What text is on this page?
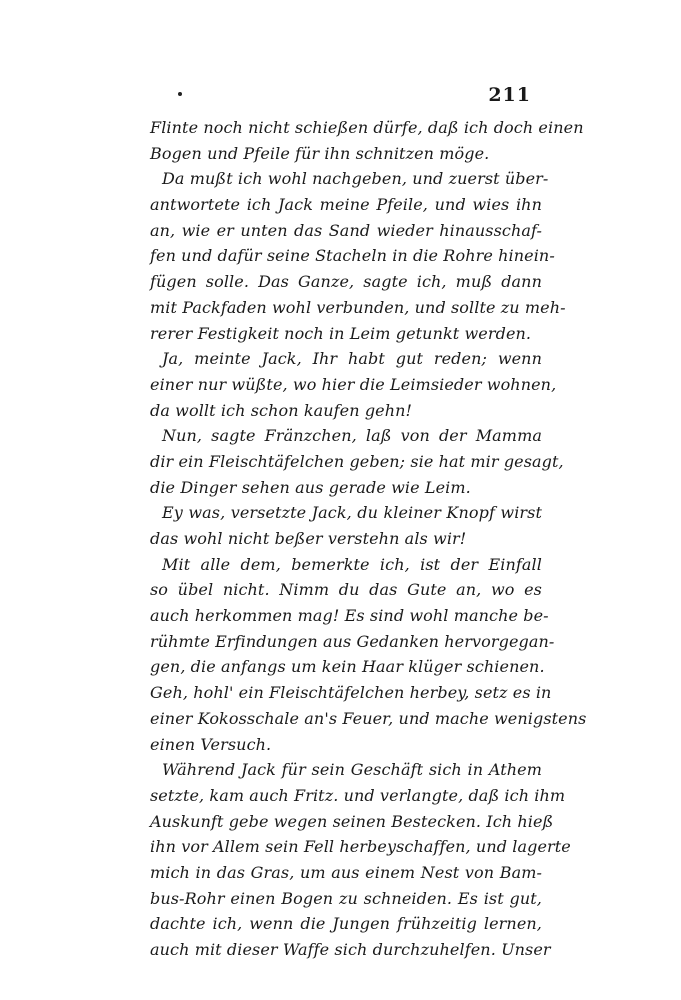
211
Flinte noch nicht schießen dürfe, daß ich doch einen
Bogen und Pfeile für ihn schnitzen möge.
Da mußt ich wohl nachgeben, und zuerst über-
antwortete ich Jack meine Pfeile, und wies ihn
an, wie er unten das Sand wieder hinausschaf-
fen und dafür seine Stacheln in die Rohre hinein-
fügen solle. Das Ganze, sagte ich, muß dann
mit Packfaden wohl verbunden, und sollte zu meh-
rerer Festigkeit noch in Leim getunkt werden.
Ja, meinte Jack, Ihr habt gut reden; wenn
einer nur wüßte, wo hier die Leimsieder wohnen,
da wollt ich schon kaufen gehn!
Nun, sagte Fränzchen, laß von der Mamma
dir ein Fleischtäfelchen geben; sie hat mir gesagt,
die Dinger sehen aus gerade wie Leim.
Ey was, versetzte Jack, du kleiner Knopf wirst
das wohl nicht beßer verstehn als wir!
Mit alle dem, bemerkte ich, ist der Einfall
so übel nicht. Nimm du das Gute an, wo es
auch herkommen mag! Es sind wohl manche be-
rühmte Erfindungen aus Gedanken hervorgegan-
gen, die anfangs um kein Haar klüger schienen.
Geh, hohl' ein Fleischtäfelchen herbey, setz es in
einer Kokosschale an's Feuer, und mache wenigstens
einen Versuch.
Während Jack für sein Geschäft sich in Athem
setzte, kam auch Fritz. und verlangte, daß ich ihm
Auskunft gebe wegen seinen Bestecken. Ich hieß
ihn vor Allem sein Fell herbeyschaffen, und lagerte
mich in das Gras, um aus einem Nest von Bam-
bus-Rohr einen Bogen zu schneiden. Es ist gut,
dachte ich, wenn die Jungen frühzeitig lernen,
auch mit dieser Waffe sich durchzuhelfen. Unser
